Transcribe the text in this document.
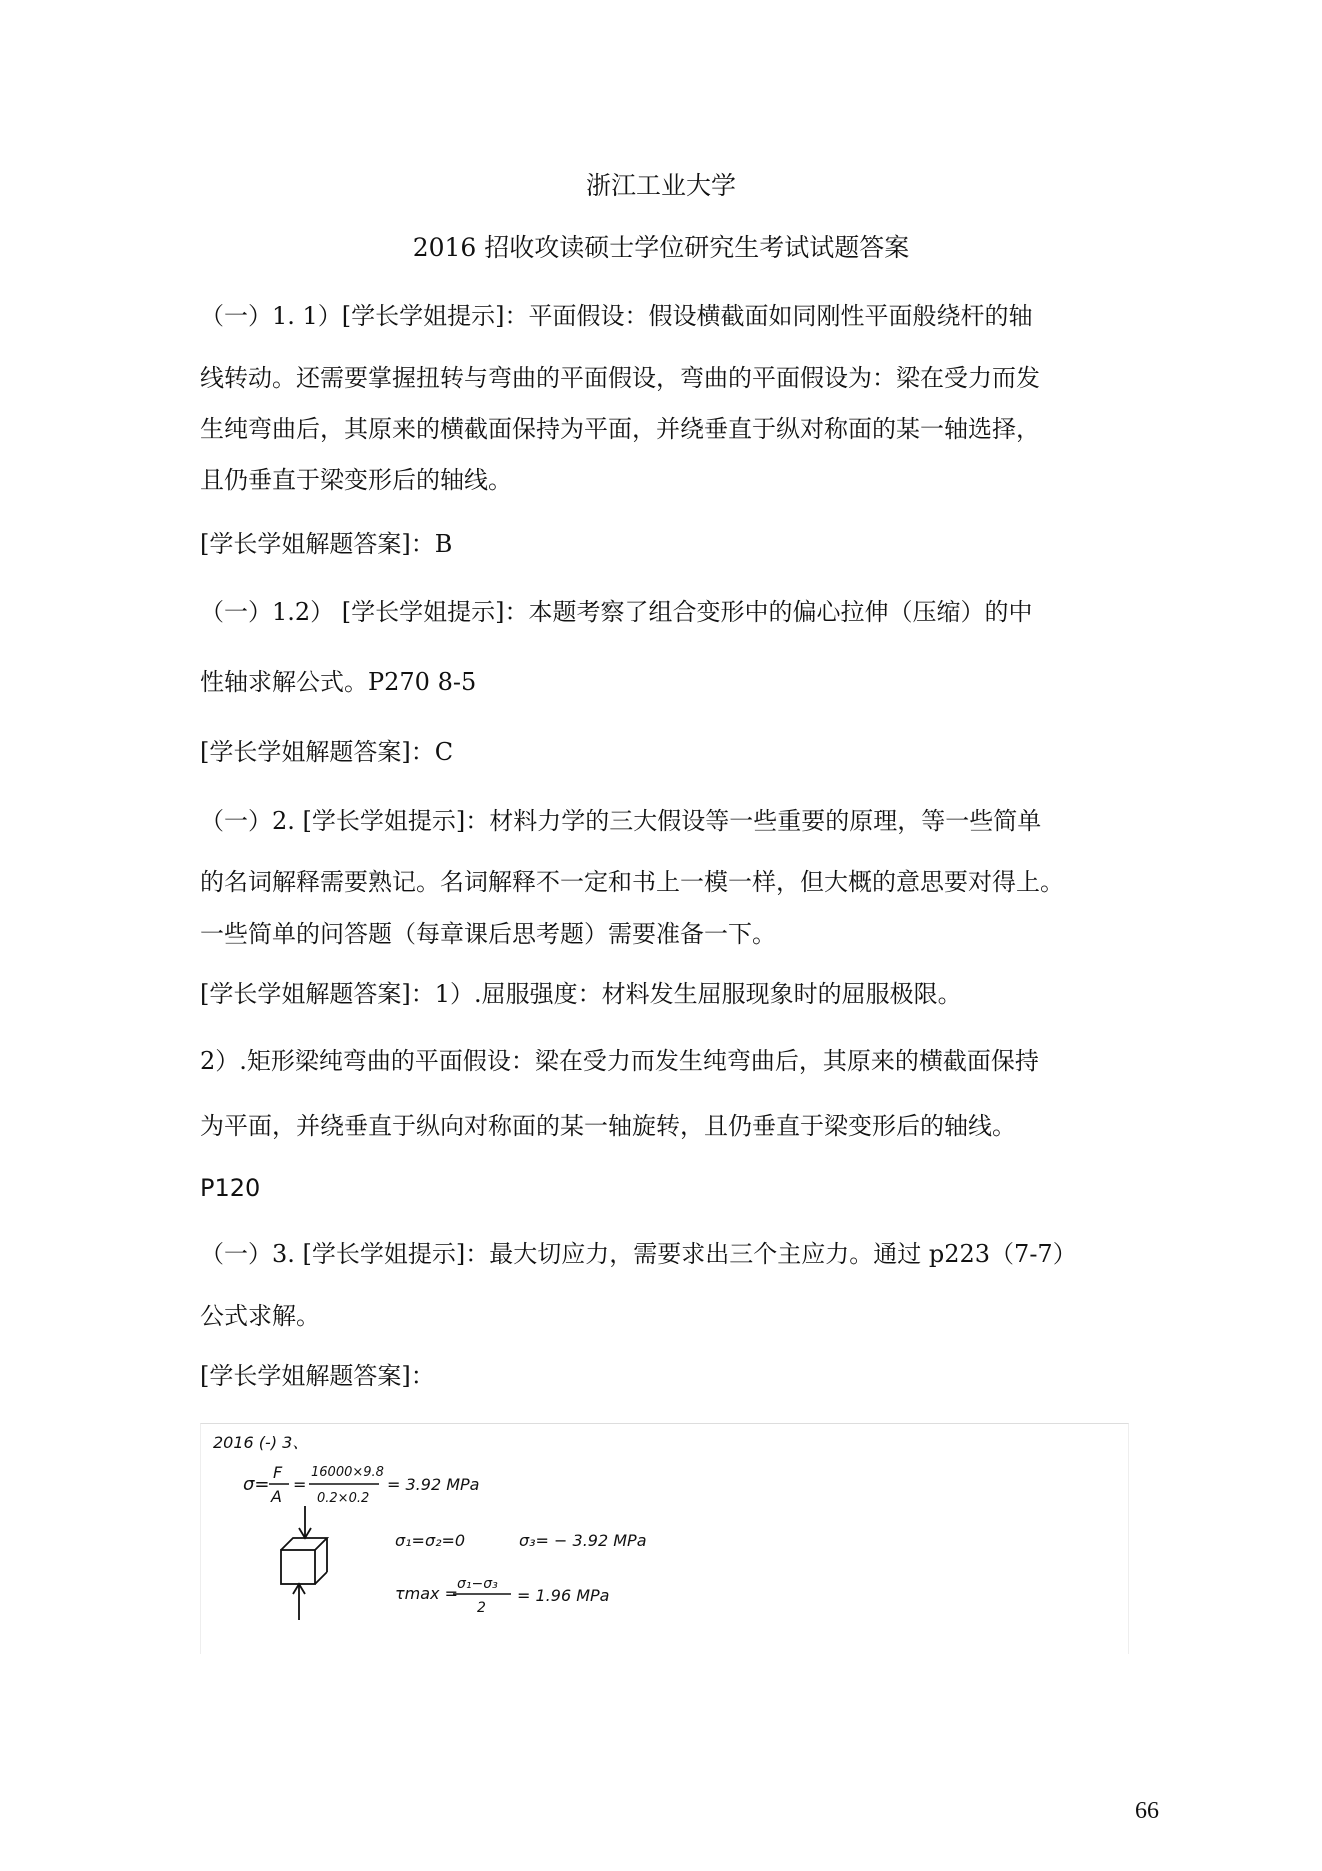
浙江工业大学
2016 招收攻读硕士学位研究生考试试题答案
（一）1. 1）[学长学姐提示]：平面假设：假设横截面如同刚性平面般绕杆的轴
线转动。还需要掌握扭转与弯曲的平面假设，弯曲的平面假设为：梁在受力而发
生纯弯曲后，其原来的横截面保持为平面，并绕垂直于纵对称面的某一轴选择，
且仍垂直于梁变形后的轴线。
[学长学姐解题答案]：B
（一）1.2） [学长学姐提示]：本题考察了组合变形中的偏心拉伸（压缩）的中
性轴求解公式。P270 8-5
[学长学姐解题答案]：C
（一）2. [学长学姐提示]：材料力学的三大假设等一些重要的原理，等一些简单
的名词解释需要熟记。名词解释不一定和书上一模一样，但大概的意思要对得上。
一些简单的问答题（每章课后思考题）需要准备一下。
[学长学姐解题答案]：1）.屈服强度：材料发生屈服现象时的屈服极限。
2）.矩形梁纯弯曲的平面假设：梁在受力而发生纯弯曲后，其原来的横截面保持
为平面，并绕垂直于纵向对称面的某一轴旋转，且仍垂直于梁变形后的轴线。
P120
（一）3. [学长学姐提示]：最大切应力，需要求出三个主应力。通过 p223（7-7）
公式求解。
[学长学姐解题答案]：
2016 (-) 3、
σ=
F
A
=
16000×9.8
0.2×0.2
= 3.92 MPa
σ₁=σ₂=0	σ₃= − 3.92 MPa
τmax = σ₁−σ₃
2
= 1.96 MPa
66
